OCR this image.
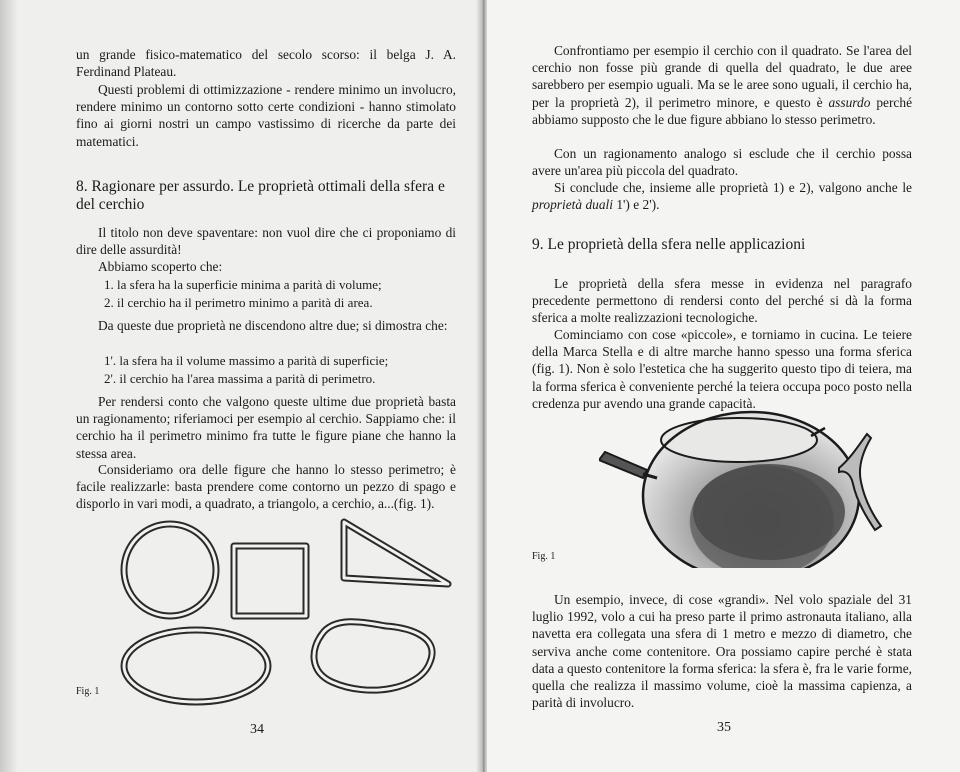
un grande fisico-matematico del secolo scorso: il belga J. A. Ferdinand Plateau.
Questi problemi di ottimizzazione - rendere minimo un involucro, rendere minimo un contorno sotto certe condizioni - hanno stimolato fino ai giorni nostri un campo vastissimo di ricerche da parte dei matematici.
8. Ragionare per assurdo. Le proprietà ottimali della sfera e del cerchio
Il titolo non deve spaventare: non vuol dire che ci proponiamo di dire delle assurdità!
Abbiamo scoperto che:
1. la sfera ha la superficie minima a parità di volume;
2. il cerchio ha il perimetro minimo a parità di area.
Da queste due proprietà ne discendono altre due; si dimostra che:
1'. la sfera ha il volume massimo a parità di superficie;
2'. il cerchio ha l'area massima a parità di perimetro.
Per rendersi conto che valgono queste ultime due proprietà basta un ragionamento; riferiamoci per esempio al cerchio. Sappiamo che: il cerchio ha il perimetro minimo fra tutte le figure piane che hanno la stessa area.
Consideriamo ora delle figure che hanno lo stesso perimetro; è facile realizzarle: basta prendere come contorno un pezzo di spago e disporlo in vari modi, a quadrato, a triangolo, a cerchio, a...(fig. 1).
Fig. 1
34
Confrontiamo per esempio il cerchio con il quadrato. Se l'area del cerchio non fosse più grande di quella del quadrato, le due aree sarebbero per esempio uguali. Ma se le aree sono uguali, il cerchio ha, per la proprietà 2), il perimetro minore, e questo è assurdo perché abbiamo supposto che le due figure abbiano lo stesso perimetro.
Con un ragionamento analogo si esclude che il cerchio possa avere un'area più piccola del quadrato.
Si conclude che, insieme alle proprietà 1) e 2), valgono anche le proprietà duali 1') e 2').
9. Le proprietà della sfera nelle applicazioni
Le proprietà della sfera messe in evidenza nel paragrafo precedente permettono di rendersi conto del perché si dà la forma sferica a molte realizzazioni tecnologiche.
Cominciamo con cose «piccole», e torniamo in cucina. Le teiere della Marca Stella e di altre marche hanno spesso una forma sferica (fig. 1). Non è solo l'estetica che ha suggerito questo tipo di teiera, ma la forma sferica è conveniente perché la teiera occupa poco posto nella credenza pur avendo una grande capacità.
Fig. 1
Un esempio, invece, di cose «grandi». Nel volo spaziale del 31 luglio 1992, volo a cui ha preso parte il primo astronauta italiano, alla navetta era collegata una sfera di 1 metro e mezzo di diametro, che serviva anche come contenitore. Ora possiamo capire perché è stata data a questo contenitore la forma sferica: la sfera è, fra le varie forme, quella che realizza il massimo volume, cioè la massima capienza, a parità di involucro.
35
